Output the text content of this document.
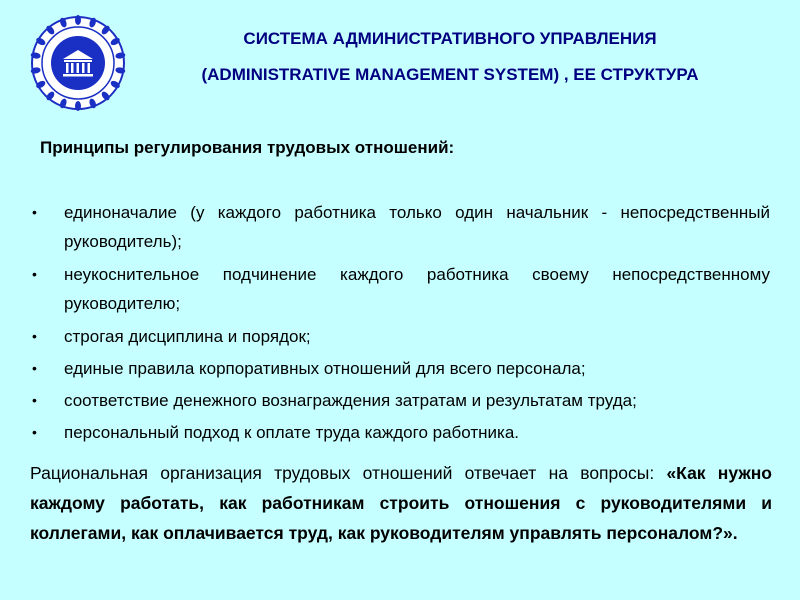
СИСТЕМА АДМИНИСТРАТИВНОГО УПРАВЛЕНИЯ
(ADMINISTRATIVE MANAGEMENT SYSTEM) , ЕЕ СТРУКТУРА
Принципы регулирования трудовых отношений:
• единоначалие (у каждого работника только один начальник - непосредственный руководитель);
• неукоснительное подчинение каждого работника своему непосредственному руководителю;
• строгая дисциплина и порядок;
• единые правила корпоративных отношений для всего персонала;
• соответствие денежного вознаграждения затратам и результатам труда;
• персональный подход к оплате труда каждого работника.
Рациональная организация трудовых отношений отвечает на вопросы: «Как нужно каждому работать, как работникам строить отношения с руководителями и коллегами, как оплачивается труд, как руководителям управлять персоналом?».
